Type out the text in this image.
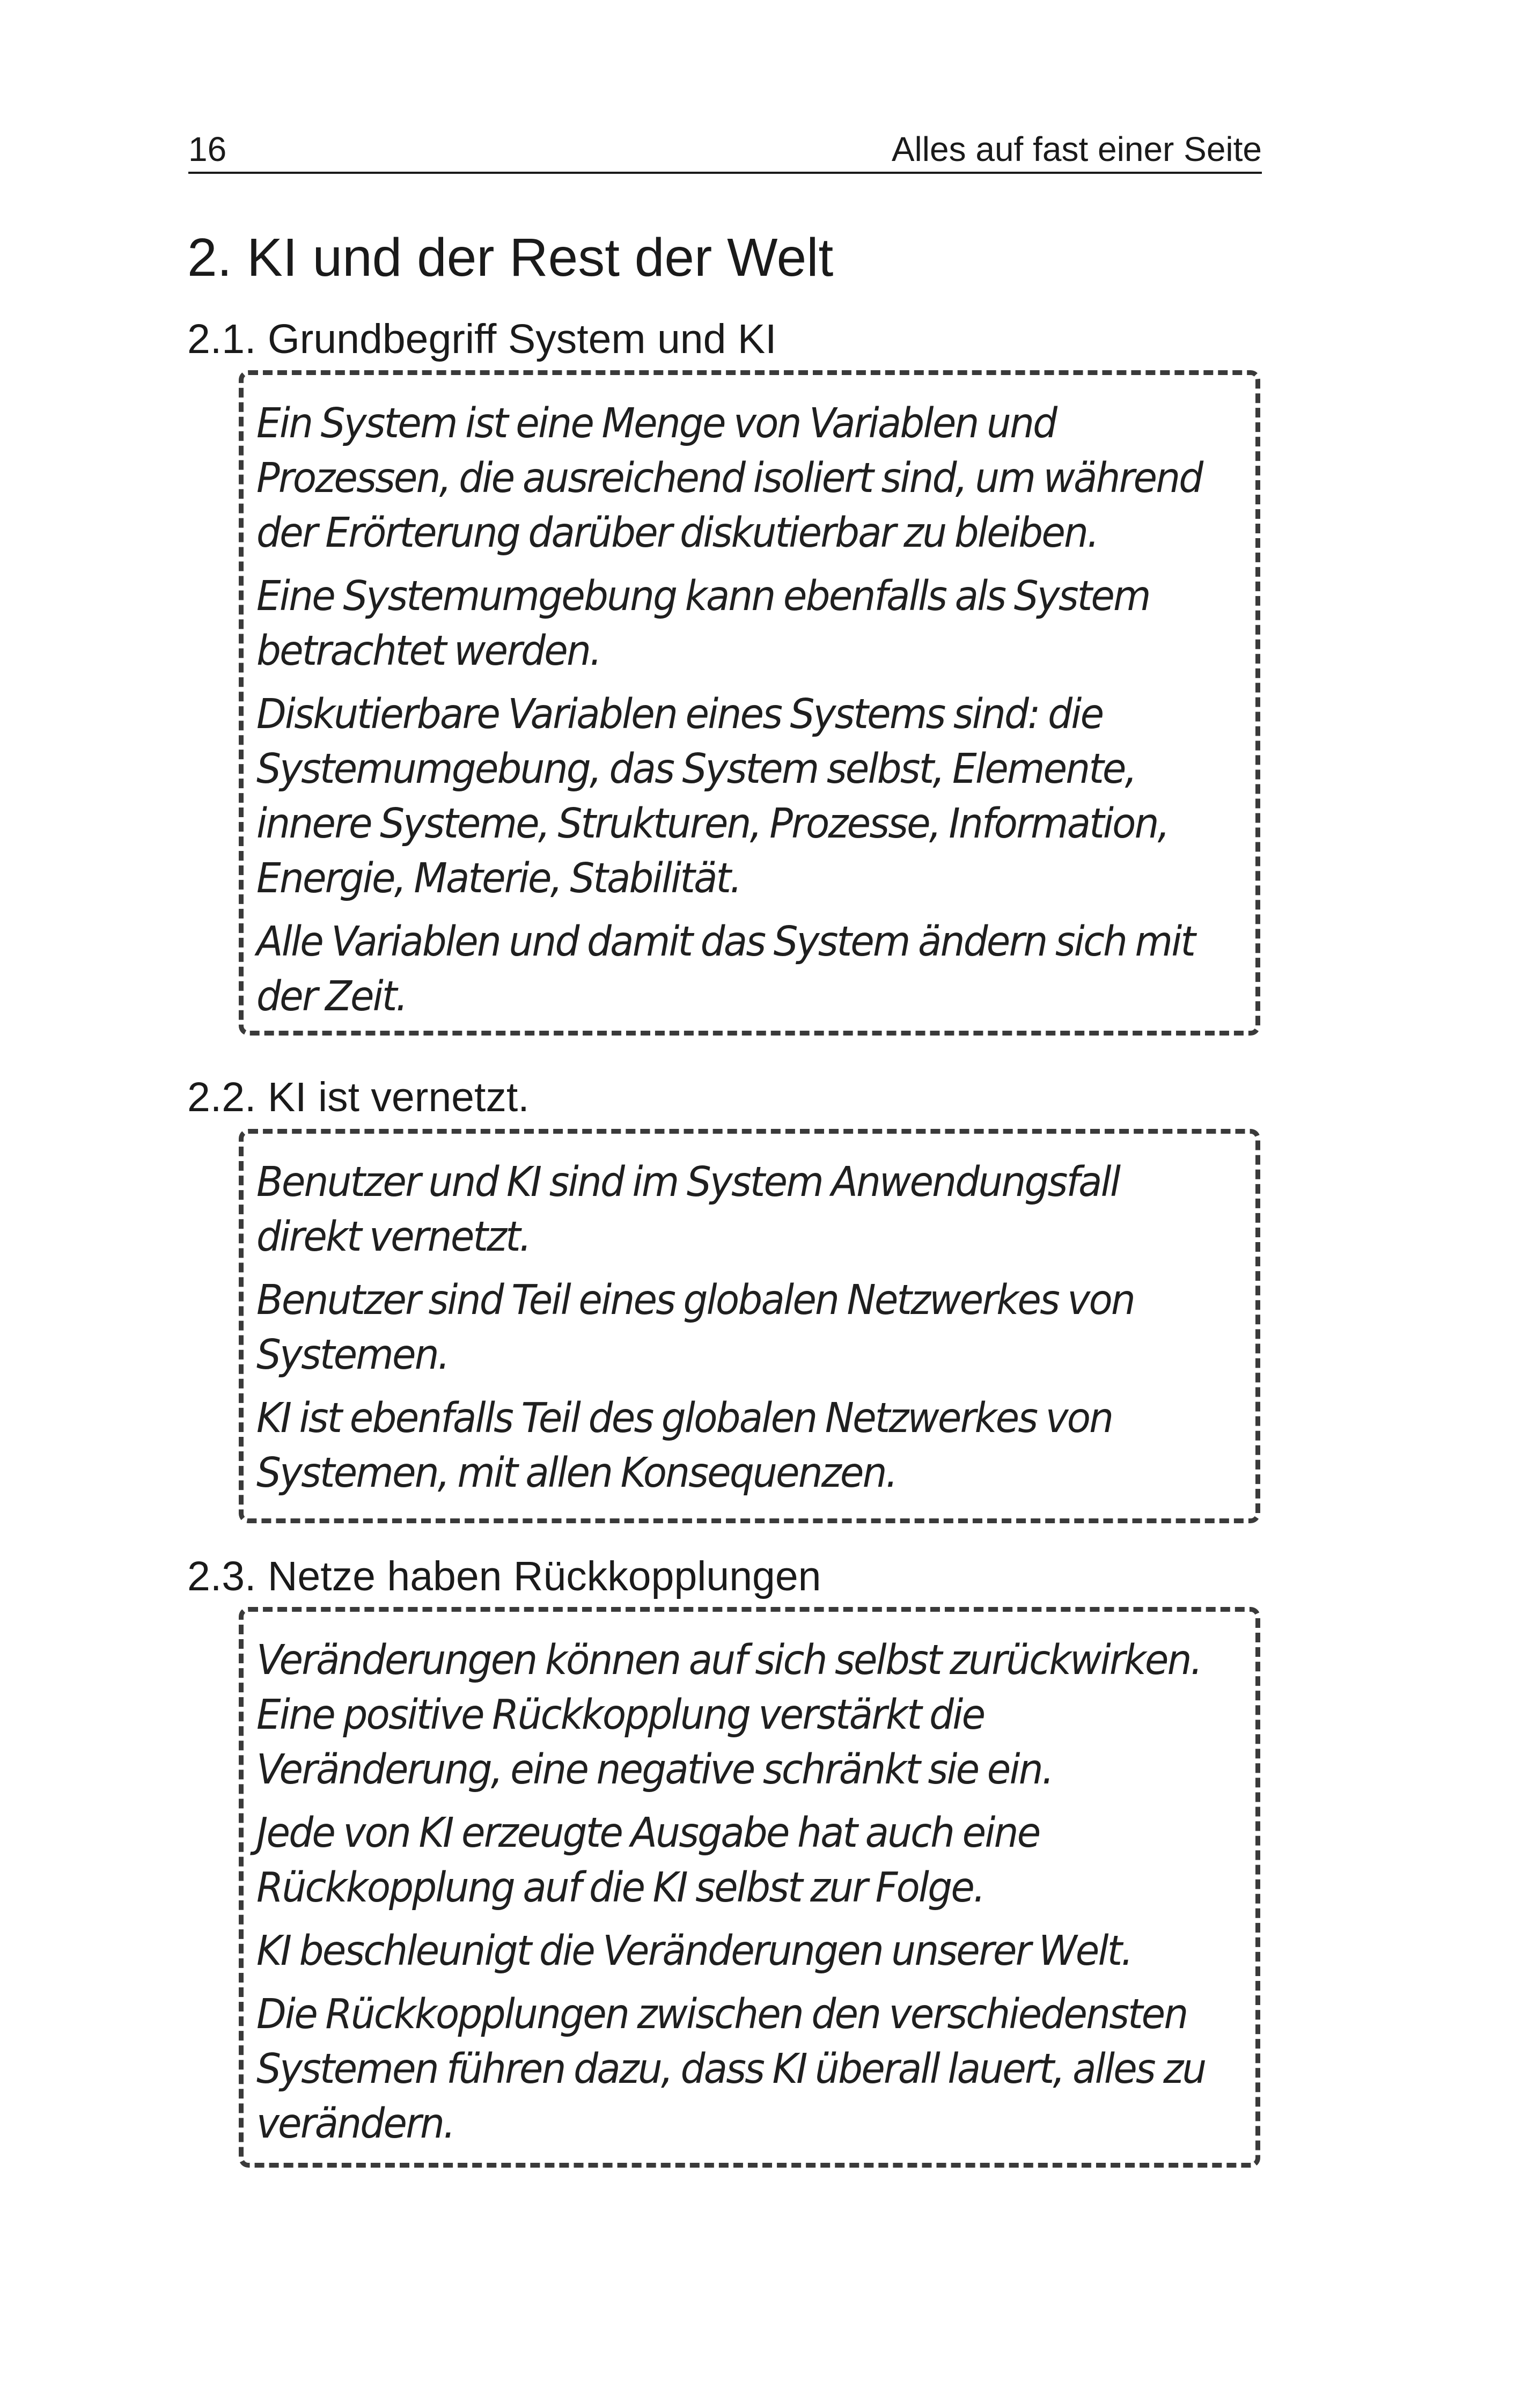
16	Alles auf fast einer Seite
2. KI und der Rest der Welt
2.1. Grundbegriff System und KI

Ein System ist eine Menge von Variablen und Prozessen, die ausreichend isoliert sind, um während der Erörterung darüber diskutierbar zu bleiben.

Eine Systemumgebung kann ebenfalls als System betrachtet werden.

Diskutierbare Variablen eines Systems sind: die Systemumgebung, das System selbst, Elemente, innere Systeme, Strukturen, Prozesse, Information, Energie, Materie, Stabilität.

Alle Variablen und damit das System ändern sich mit der Zeit.

2.2. KI ist vernetzt.

Benutzer und KI sind im System Anwendungsfall direkt vernetzt.

Benutzer sind Teil eines globalen Netzwerkes von Systemen.

KI ist ebenfalls Teil des globalen Netzwerkes von Systemen, mit allen Konsequenzen.

2.3. Netze haben Rückkopplungen

Veränderungen können auf sich selbst zurückwirken. Eine positive Rückkopplung verstärkt die Veränderung, eine negative schränkt sie ein.

Jede von KI erzeugte Ausgabe hat auch eine Rückkopplung auf die KI selbst zur Folge.

KI beschleunigt die Veränderungen unserer Welt.

Die Rückkopplungen zwischen den verschiedensten Systemen führen dazu, dass KI überall lauert, alles zu verändern.
